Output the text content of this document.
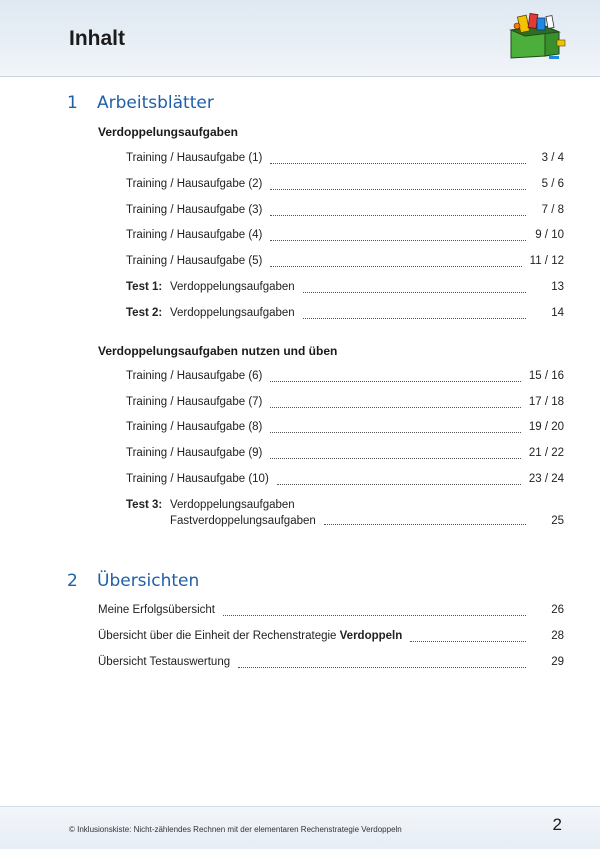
Inhalt
1 Arbeitsblätter
Verdoppelungsaufgaben
Training / Hausaufgabe (1)	3 / 4
Training / Hausaufgabe (2)	5 / 6
Training / Hausaufgabe (3)	7 / 8
Training / Hausaufgabe (4)	9 / 10
Training / Hausaufgabe (5)	11 / 12
Test 1: Verdoppelungsaufgaben	13
Test 2: Verdoppelungsaufgaben	14
Verdoppelungsaufgaben nutzen und üben
Training / Hausaufgabe (6)	15 / 16
Training / Hausaufgabe (7)	17 / 18
Training / Hausaufgabe (8)	19 / 20
Training / Hausaufgabe (9)	21 / 22
Training / Hausaufgabe (10)	23 / 24
Test 3: Verdoppelungsaufgaben
Fastverdoppelungsaufgaben	25
2 Übersichten
Meine Erfolgsübersicht	26
Übersicht über die Einheit der Rechenstrategie Verdoppeln	28
Übersicht Testauswertung	29
© Inklusionskiste: Nicht-zählendes Rechnen mit der elementaren Rechenstrategie Verdoppeln	2
